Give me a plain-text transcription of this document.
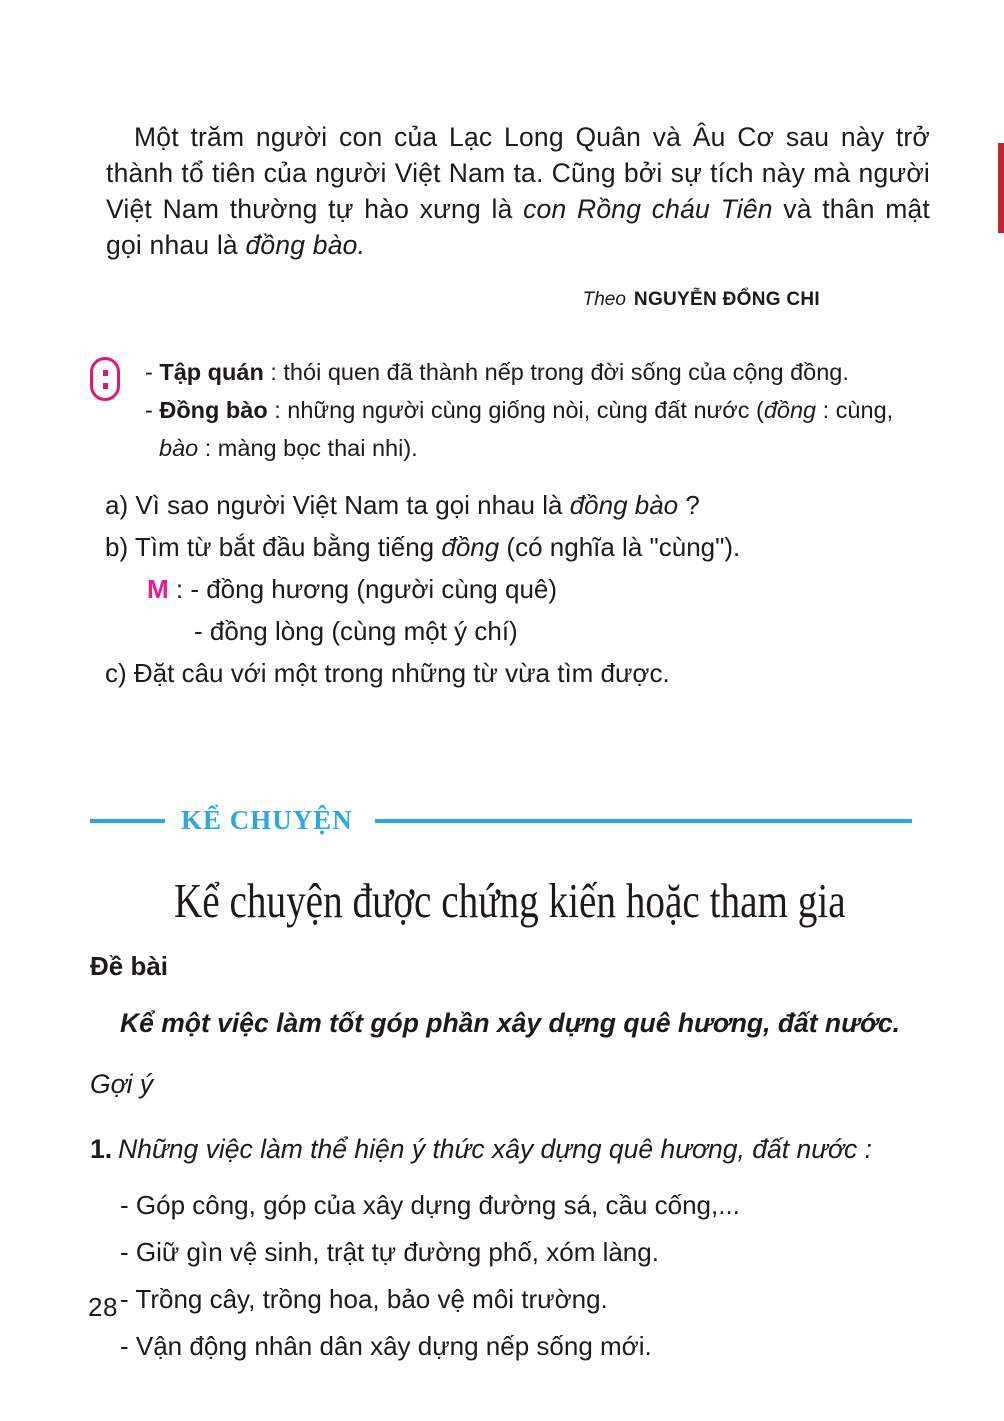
Một trăm người con của Lạc Long Quân và Âu Cơ sau này trở thành tổ tiên của người Việt Nam ta. Cũng bởi sự tích này mà người Việt Nam thường tự hào xưng là con Rồng cháu Tiên và thân mật gọi nhau là đồng bào.

Theo NGUYỄN ĐỔNG CHI
- Tập quán : thói quen đã thành nếp trong đời sống của cộng đồng.
- Đồng bào : những người cùng giống nòi, cùng đất nước (đồng : cùng, bào : màng bọc thai nhi).
a) Vì sao người Việt Nam ta gọi nhau là đồng bào ?
b) Tìm từ bắt đầu bằng tiếng đồng (có nghĩa là "cùng").
M : - đồng hương (người cùng quê)
- đồng lòng (cùng một ý chí)
c) Đặt câu với một trong những từ vừa tìm được.
KỂ CHUYỆN
Kể chuyện được chứng kiến hoặc tham gia
Đề bài
Kể một việc làm tốt góp phần xây dựng quê hương, đất nước.
Gợi ý
1. Những việc làm thể hiện ý thức xây dựng quê hương, đất nước :
- Góp công, góp của xây dựng đường sá, cầu cống,...
- Giữ gìn vệ sinh, trật tự đường phố, xóm làng.
- Trồng cây, trồng hoa, bảo vệ môi trường.
- Vận động nhân dân xây dựng nếp sống mới.
28
